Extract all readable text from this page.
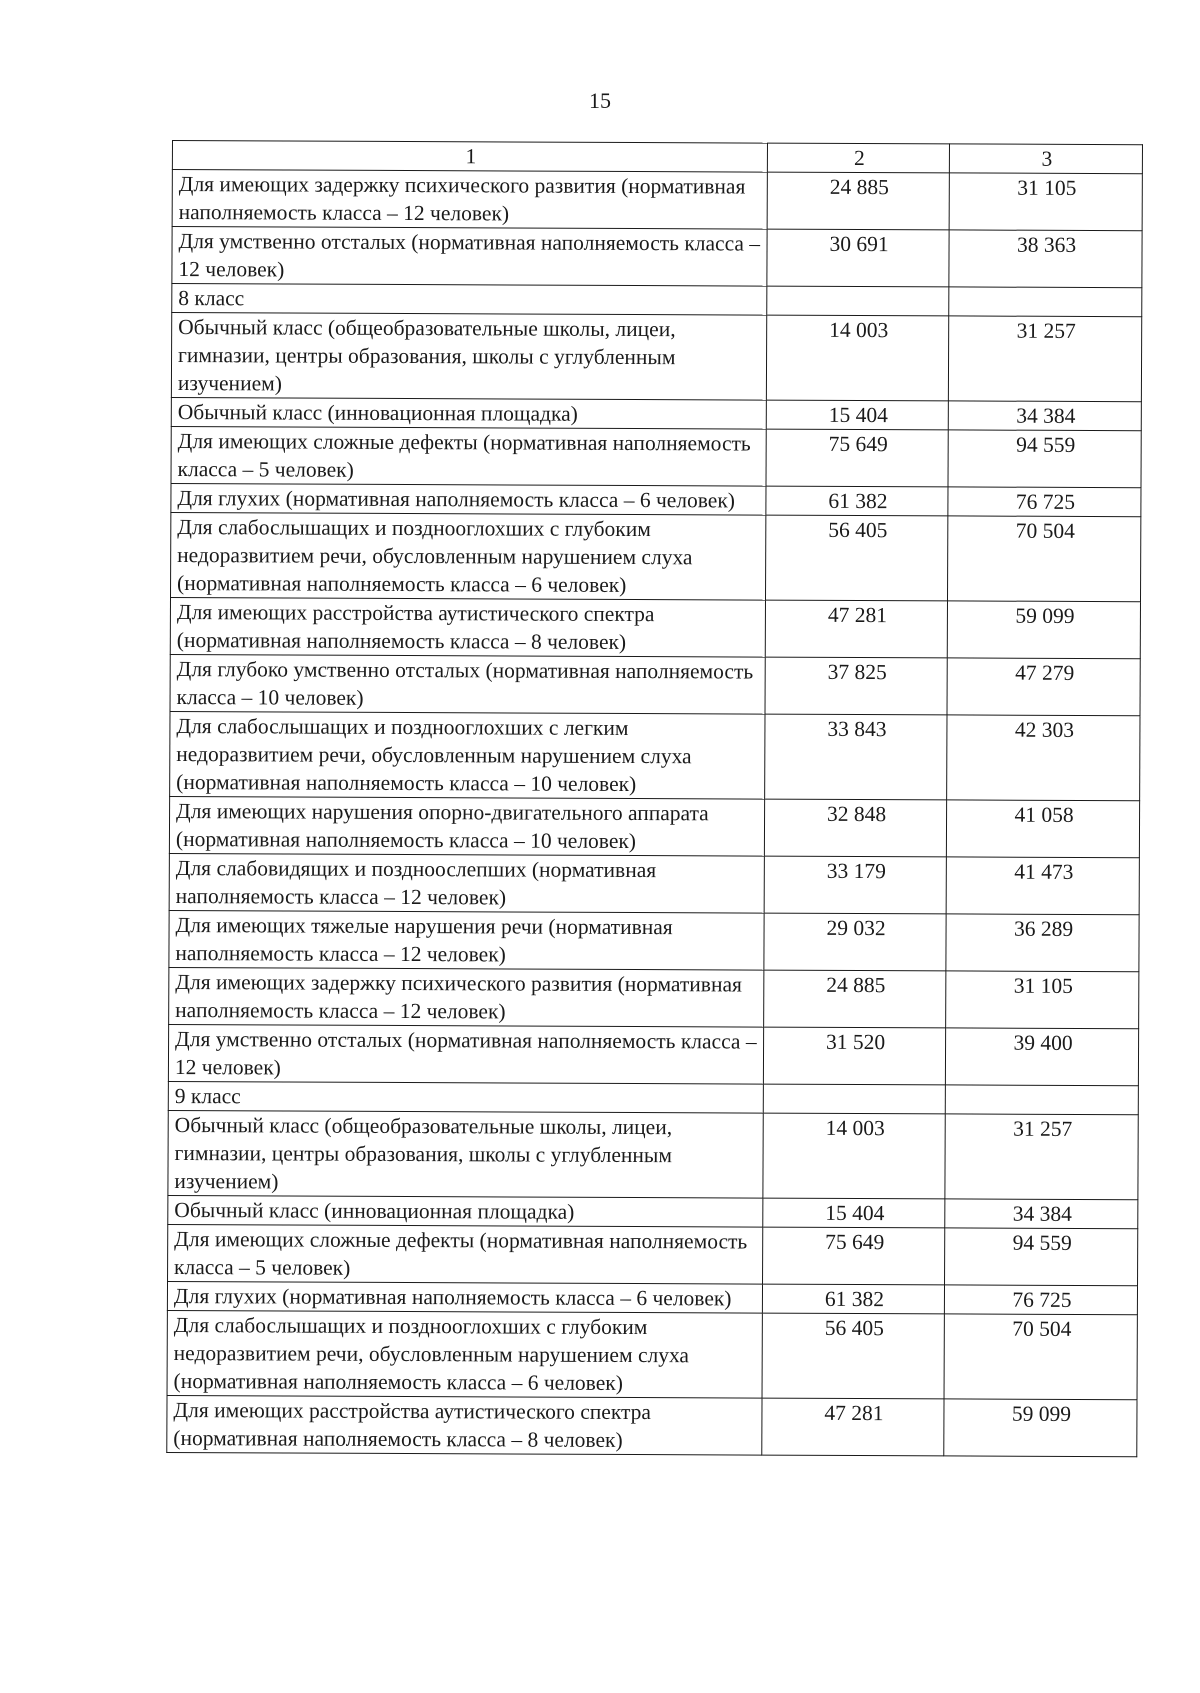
15
1	2	3
Для имеющих задержку психического развития (нормативная наполняемость класса – 12 человек)	24 885	31 105
Для умственно отсталых (нормативная наполняемость класса – 12 человек)	30 691	38 363
8 класс		
Обычный класс (общеобразовательные школы, лицеи, гимназии, центры образования, школы с углубленным изучением)	14 003	31 257
Обычный класс (инновационная площадка)	15 404	34 384
Для имеющих сложные дефекты (нормативная наполняемость класса – 5 человек)	75 649	94 559
Для глухих (нормативная наполняемость класса – 6 человек)	61 382	76 725
Для слабослышащих и позднооглохших с глубоким недоразвитием речи, обусловленным нарушением слуха (нормативная наполняемость класса – 6 человек)	56 405	70 504
Для имеющих расстройства аутистического спектра (нормативная наполняемость класса – 8 человек)	47 281	59 099
Для глубоко умственно отсталых (нормативная наполняемость класса – 10 человек)	37 825	47 279
Для слабослышащих и позднооглохших с легким недоразвитием речи, обусловленным нарушением слуха (нормативная наполняемость класса – 10 человек)	33 843	42 303
Для имеющих нарушения опорно-двигательного аппарата (нормативная наполняемость класса – 10 человек)	32 848	41 058
Для слабовидящих и поздноослепших (нормативная наполняемость класса – 12 человек)	33 179	41 473
Для имеющих тяжелые нарушения речи (нормативная наполняемость класса – 12 человек)	29 032	36 289
Для имеющих задержку психического развития (нормативная наполняемость класса – 12 человек)	24 885	31 105
Для умственно отсталых (нормативная наполняемость класса – 12 человек)	31 520	39 400
9 класс		
Обычный класс (общеобразовательные школы, лицеи, гимназии, центры образования, школы с углубленным изучением)	14 003	31 257
Обычный класс (инновационная площадка)	15 404	34 384
Для имеющих сложные дефекты (нормативная наполняемость класса – 5 человек)	75 649	94 559
Для глухих (нормативная наполняемость класса – 6 человек)	61 382	76 725
Для слабослышащих и позднооглохших с глубоким недоразвитием речи, обусловленным нарушением слуха (нормативная наполняемость класса – 6 человек)	56 405	70 504
Для имеющих расстройства аутистического спектра (нормативная наполняемость класса – 8 человек)	47 281	59 099
